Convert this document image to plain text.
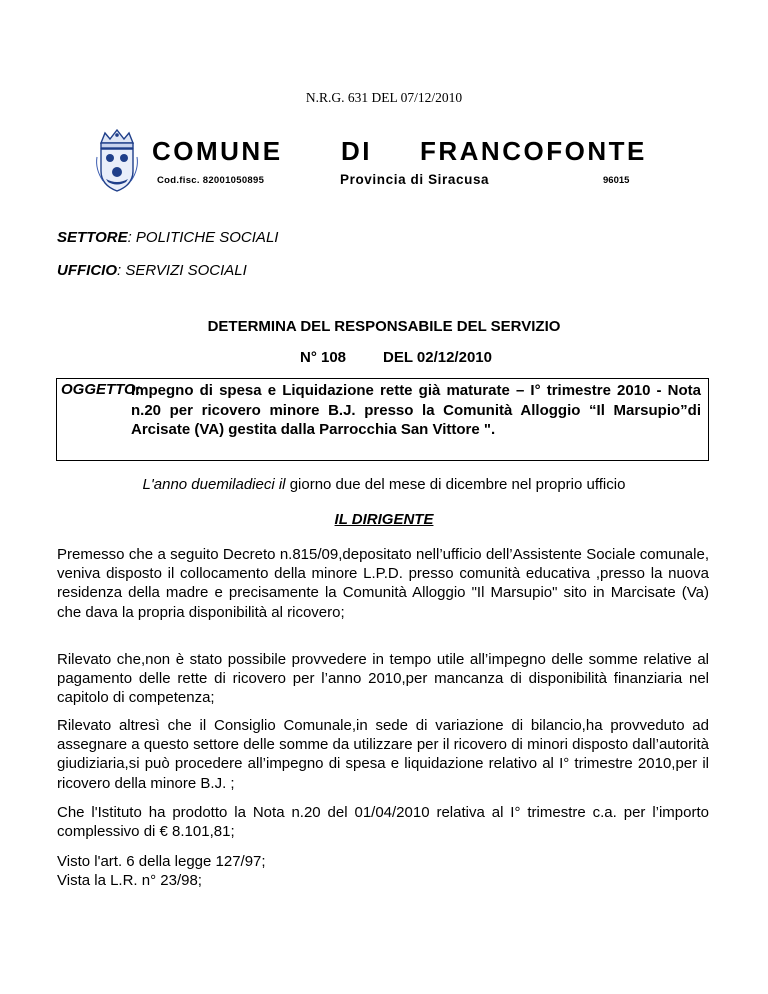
N.R.G. 631 DEL 07/12/2010
COMUNE DI FRANCOFONTE
Cod.fisc. 82001050895	Provincia di Siracusa	96015
SETTORE: POLITICHE SOCIALI
UFFICIO: SERVIZI SOCIALI
DETERMINA DEL RESPONSABILE DEL SERVIZIO
N° 108 DEL 02/12/2010
OGGETTO:
Impegno di spesa e Liquidazione rette già maturate – I° trimestre 2010 - Nota n.20 per ricovero minore B.J. presso la Comunità Alloggio “Il Marsupio”di Arcisate (VA) gestita dalla Parrocchia San Vittore ".
L'anno duemiladieci il giorno due del mese di dicembre nel proprio ufficio
IL DIRIGENTE
Premesso che a seguito Decreto n.815/09,depositato nell’ufficio dell’Assistente Sociale comunale, veniva disposto il collocamento della minore L.P.D. presso comunità educativa ,presso la nuova residenza della madre e precisamente la Comunità Alloggio "Il Marsupio" sito in Marcisate (Va) che dava la propria disponibilità al ricovero;
Rilevato che,non è stato possibile provvedere in tempo utile all’impegno delle somme relative al pagamento delle rette di ricovero per l’anno 2010,per mancanza di disponibilità finanziaria nel capitolo di competenza;
Rilevato altresì che il Consiglio Comunale,in sede di variazione di bilancio,ha provveduto ad assegnare a questo settore delle somme da utilizzare per il ricovero di minori disposto dall’autorità giudiziaria,si può procedere all’impegno di spesa e liquidazione relativo al I° trimestre 2010,per il ricovero della minore B.J. ;
Che l'Istituto ha prodotto la Nota n.20 del 01/04/2010 relativa al I° trimestre c.a. per l’importo complessivo di € 8.101,81;
Visto l'art. 6 della legge 127/97;
Vista la L.R. n° 23/98;
